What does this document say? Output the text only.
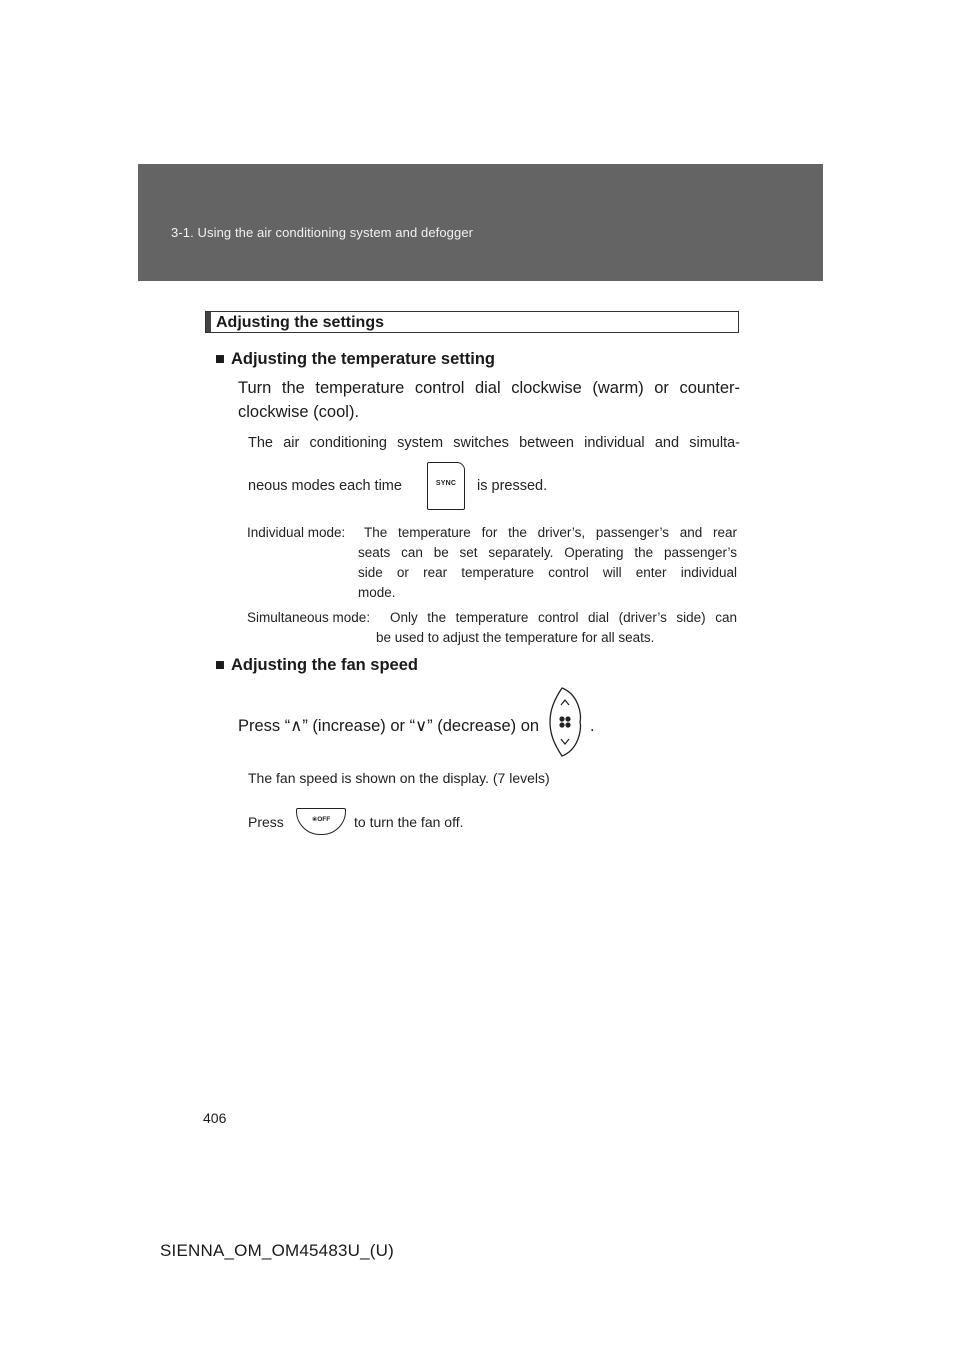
3-1. Using the air conditioning system and defogger
Adjusting the settings
■ Adjusting the temperature setting
Turn the temperature control dial clockwise (warm) or counter-
clockwise (cool).
The air conditioning system switches between individual and simulta-
neous modes each time	SYNC	is pressed.
Individual mode: The temperature for the driver’s, passenger’s and rear
seats can be set separately. Operating the passenger’s
side or rear temperature control will enter individual
mode.
Simultaneous mode: Only the temperature control dial (driver’s side) can
be used to adjust the temperature for all seats.
■ Adjusting the fan speed
Press “∧” (increase) or “∨” (decrease) on	.
The fan speed is shown on the display. (7 levels)
Press	❀OFF	to turn the fan off.
406
SIENNA_OM_OM45483U_(U)
